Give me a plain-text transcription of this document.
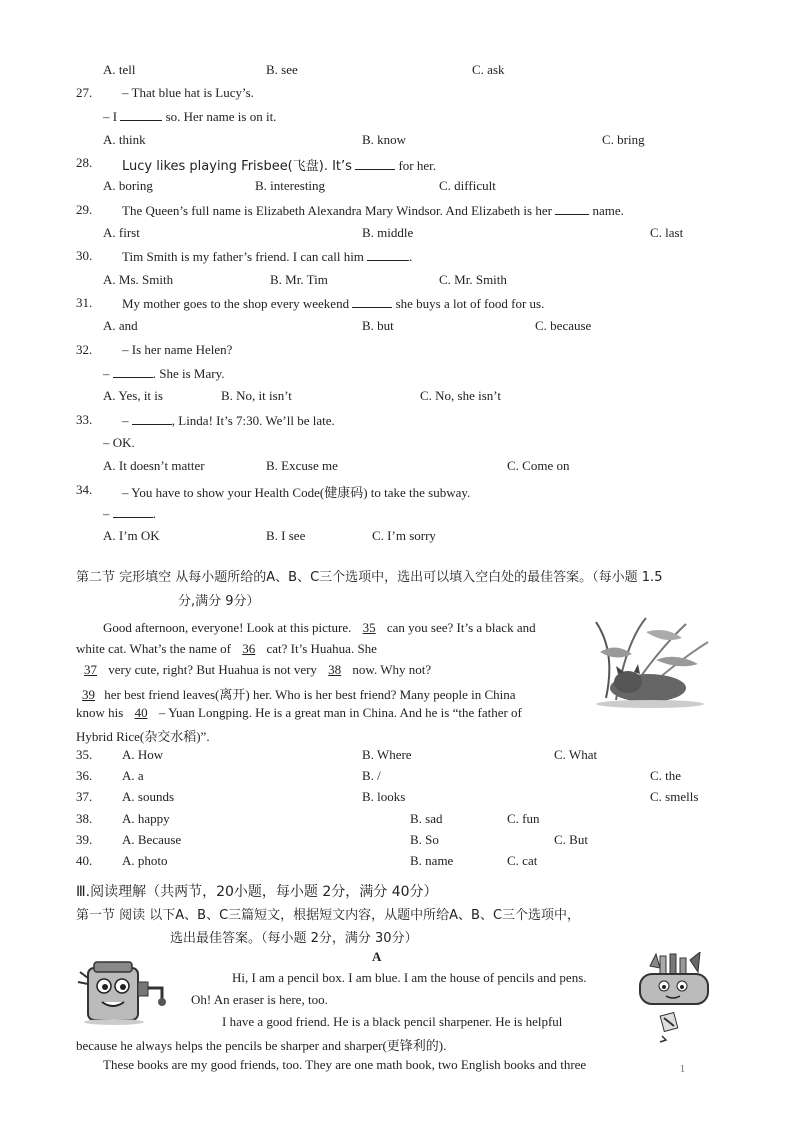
A. tell	B. see	C. ask
27. – That blue hat is Lucy’s.
– I	so. Her name is on it.
A. think	B. know	C. bring
28. Lucy likes playing Frisbee(飞盘). It’s	for her.
A. boring	B. interesting	C. difficult
29. The Queen’s full name is Elizabeth Alexandra Mary Windsor. And Elizabeth is her	name.
A. first	B. middle	C. last
30. Tim Smith is my father’s friend. I can call him	.
A. Ms. Smith	B. Mr. Tim	C. Mr. Smith
31. My mother goes to the shop every weekend	she buys a lot of food for us.
A. and	B. but	C. because
32. – Is her name Helen?
–	. She is Mary.
A. Yes, it is	B. No, it isn’t	C. No, she isn’t
33. –	, Linda! It’s 7:30. We’ll be late.
– OK.
A. It doesn’t matter	B. Excuse me	C. Come on
34. – You have to show your Health Code(健康码) to take the subway.
–	.
A. I’m OK	B. I see	C. I’m sorry
第二节 完形填空 从每小题所给的A、B、C三个选项中，选出可以填入空白处的最佳答案。（每小题 1.5
分,满分 9分）
Good afternoon, everyone! Look at this picture. 35 can you see? It’s a black and
white cat. What’s the name of 36 cat? It’s Huahua. She
37 very cute, right? But Huahua is not very 38 now. Why not?
39 her best friend leaves(离开) her. Who is her best friend? Many people in China
know his 40 – Yuan Longping. He is a great man in China. And he is “the father of
Hybrid Rice(杂交水稻)”.
35. A. How	B. Where	C. What
36. A. a	B. /	C. the
37. A. sounds	B. looks	C. smells
38. A. happy	B. sad	C. fun
39. A. Because	B. So	C. But
40. A. photo	B. name	C. cat
Ⅲ.阅读理解（共两节，20小题，每小题 2分，满分 40分）
第一节 阅读 以下A、B、C三篇短文，根据短文内容，从题中所给A、B、C三个选项中，
选出最佳答案。（每小题 2分，满分 30分）
A
Hi, I am a pencil box. I am blue. I am the house of pencils and pens.
Oh! An eraser is here, too.
I have a good friend. He is a black pencil sharpener. He is helpful
because he always helps the pencils be sharper and sharper(更锋利的).
These books are my good friends, too. They are one math book, two English books and three	1
